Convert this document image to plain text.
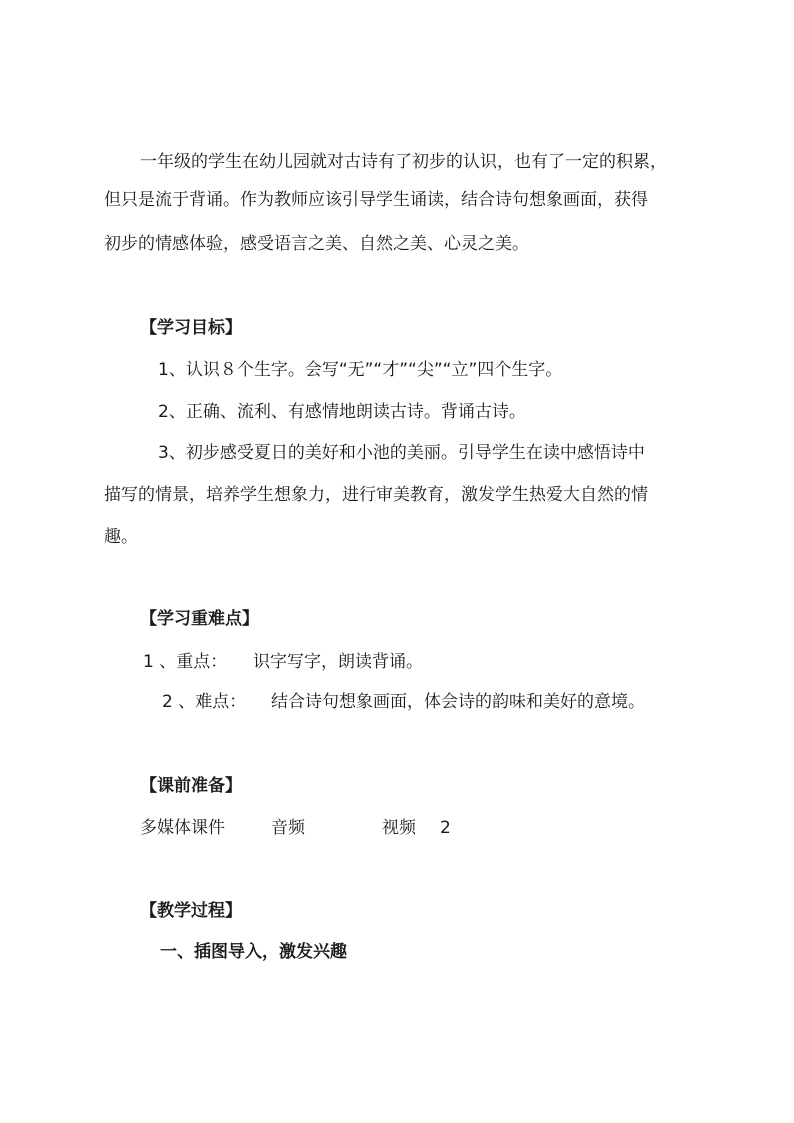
一年级的学生在幼儿园就对古诗有了初步的认识，也有了一定的积累，
但只是流于背诵。作为教师应该引导学生诵读，结合诗句想象画面，获得
初步的情感体验，感受语言之美、自然之美、心灵之美。
【学习目标】
1、认识８个生字。会写“无”“才”“尖”“立”四个生字。
2、正确、流利、有感情地朗读古诗。背诵古诗。
3、初步感受夏日的美好和小池的美丽。引导学生在读中感悟诗中
描写的情景，培养学生想象力，进行审美教育，激发学生热爱大自然的情
趣。
【学习重难点】
1 、重点： 识字写字，朗读背诵。
2 、难点： 结合诗句想象画面，体会诗的韵味和美好的意境。
【课前准备】
多媒体课件	音频	视频 2
【教学过程】
一、插图导入，激发兴趣
